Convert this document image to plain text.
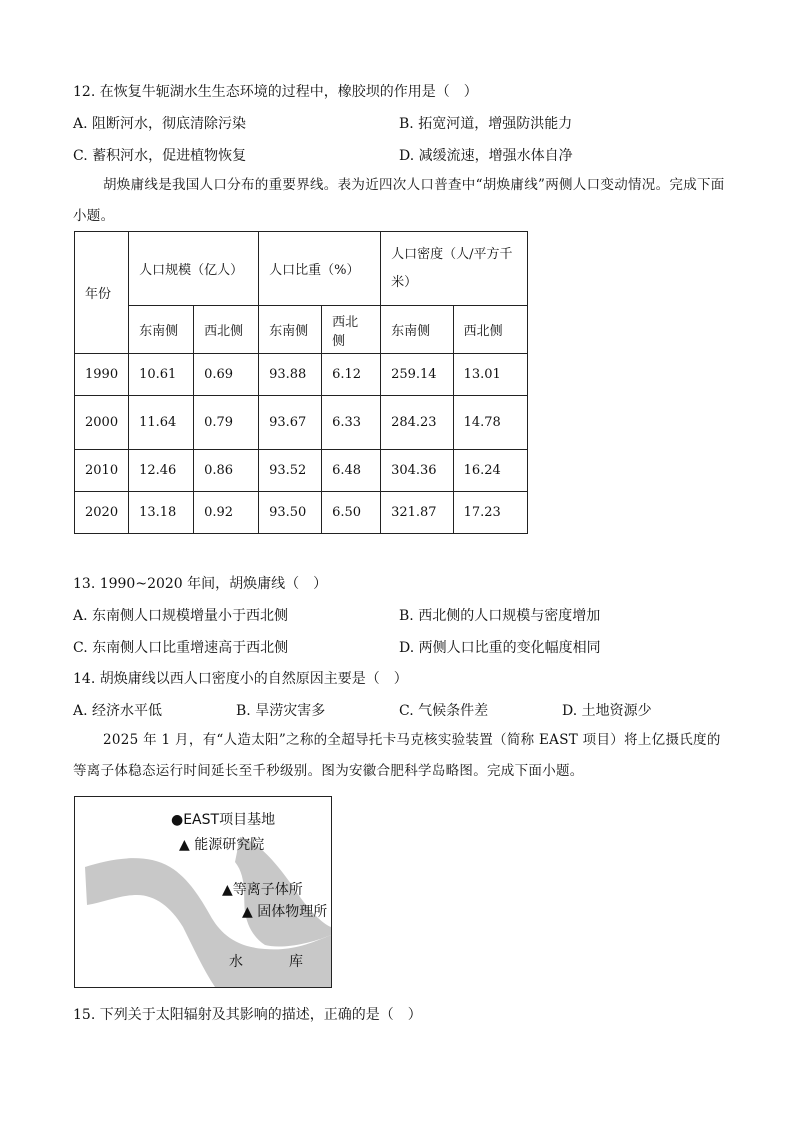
12. 在恢复牛轭湖水生生态环境的过程中，橡胶坝的作用是（　）
A. 阻断河水，彻底清除污染	B. 拓宽河道，增强防洪能力
C. 蓄积河水，促进植物恢复	D. 减缓流速，增强水体自净
胡焕庸线是我国人口分布的重要界线。表为近四次人口普查中“胡焕庸线”两侧人口变动情况。完成下面小题。
年份	人口规模（亿人）		人口比重（%）		人口密度（人/平方千米）	
	东南侧	西北侧	东南侧	西北侧	东南侧	西北侧
1990	10.61	0.69	93.88	6.12	259.14	13.01
2000	11.64	0.79	93.67	6.33	284.23	14.78
2010	12.46	0.86	93.52	6.48	304.36	16.24
2020	13.18	0.92	93.50	6.50	321.87	17.23
13. 1990~2020 年间，胡焕庸线（　）
A. 东南侧人口规模增量小于西北侧	B. 西北侧的人口规模与密度增加
C. 东南侧人口比重增速高于西北侧	D. 两侧人口比重的变化幅度相同
14. 胡焕庸线以西人口密度小的自然原因主要是（　）
A. 经济水平低	B. 旱涝灾害多	C. 气候条件差	D. 土地资源少
2025 年 1 月，有“人造太阳”之称的全超导托卡马克核实验装置（简称 EAST 项目）将上亿摄氏度的等离子体稳态运行时间延长至千秒级别。图为安徽合肥科学岛略图。完成下面小题。
●EAST项目基地
▲ 能源研究院
▲等离子体所
▲ 固体物理所
水	库
15. 下列关于太阳辐射及其影响的描述，正确的是（　）
